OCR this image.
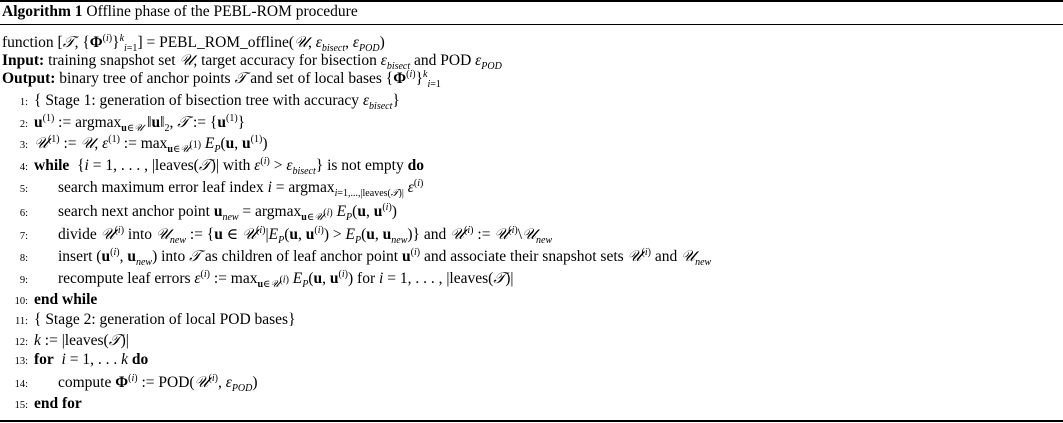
Algorithm 1 Offline phase of the PEBL-ROM procedure
function [𝒯, $\{\Phi^{(i)}\}^k_{i=1}$] = PEBL_ROM_offline(𝒰, $\varepsilon_{bisect}$, $\varepsilon_{POD}$)
Input: training snapshot set 𝒰, target accuracy for bisection $\varepsilon_{bisect}$ and POD $\varepsilon_{POD}$
Output: binary tree of anchor points 𝒯 and set of local bases $\{\Phi^{(i)}\}^k_{i=1}$
1: { Stage 1: generation of bisection tree with accuracy $\varepsilon_{bisect}$}
2: $u^{(1)}$ := argmax$_{u\in 𝒰}$ $‖u‖_2$, 𝒯 := $\{u^{(1)}\}$
3: 𝒰$^{(1)}$ := 𝒰, $\varepsilon^{(1)}$ := $\max_{u\in 𝒰^{(1)}} E_P(u$, $u^{(1)}$)
4: while  {i = 1, . . . , |leaves(𝒯)| with $\varepsilon^{(i)} > \varepsilon_{bisect}$} is not empty do
5: search maximum error leaf index i = argmax$_{i=1,...,|leaves(𝒯)|}$ $\varepsilon^{(i)}$
6: search next anchor point $u_{new} = argmax_{u\in 𝒰^{(i)}}$ $E_P(u$, $u^{(i)}$)
7: divide 𝒰$^{(i)}$ into 𝒰$_{new}$ := {u ∈ $𝒰^{(i)}|E_P(u$, $u^{(i)}) > E_P(u$, $u_{new}$)} and 𝒰$^{(i)}$ := 𝒰$^{(i)}$\𝒰$_{new}$
8: insert ($u^{(i)}$, $u_{new}$) into 𝒯 as children of leaf anchor point $u^{(i)}$ and associate their snapshot sets 𝒰$^{(i)}$ and 𝒰$_{new}$
9: recompute leaf errors $\varepsilon^{(i)}$ := $\max_{u\in 𝒰^{(i)}} E_P(u$, $u^{(i)}$) for i = 1, . . . , |leaves(𝒯)|
10: end while
11: { Stage 2: generation of local POD bases}
12: k := |leaves(𝒯)|
13: for i = 1, . . . k do
14: compute $\Phi^{(i)}$ := POD(𝒰$^{(i)}$, $\varepsilon_{POD}$)
15: end for
